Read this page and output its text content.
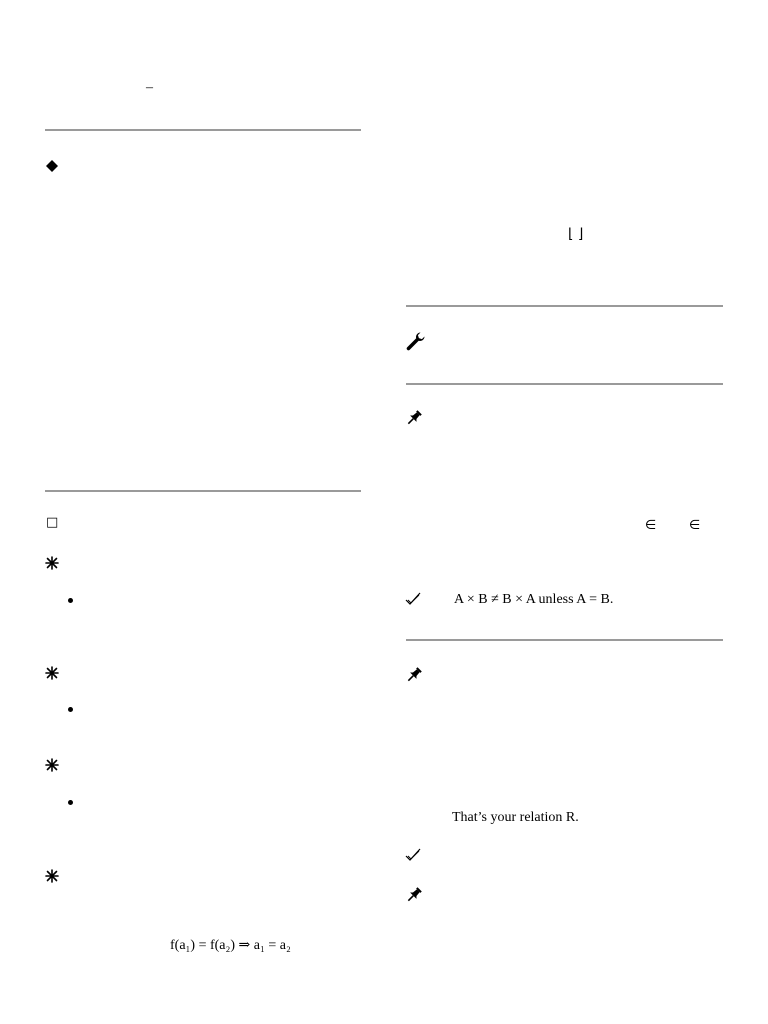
–
□
f(a₁) = f(a₂) ⇒ a₁ = a₂
⌊ ⌋
∈	∈
A × B ≠ B × A unless A = B.
That’s your relation R.
